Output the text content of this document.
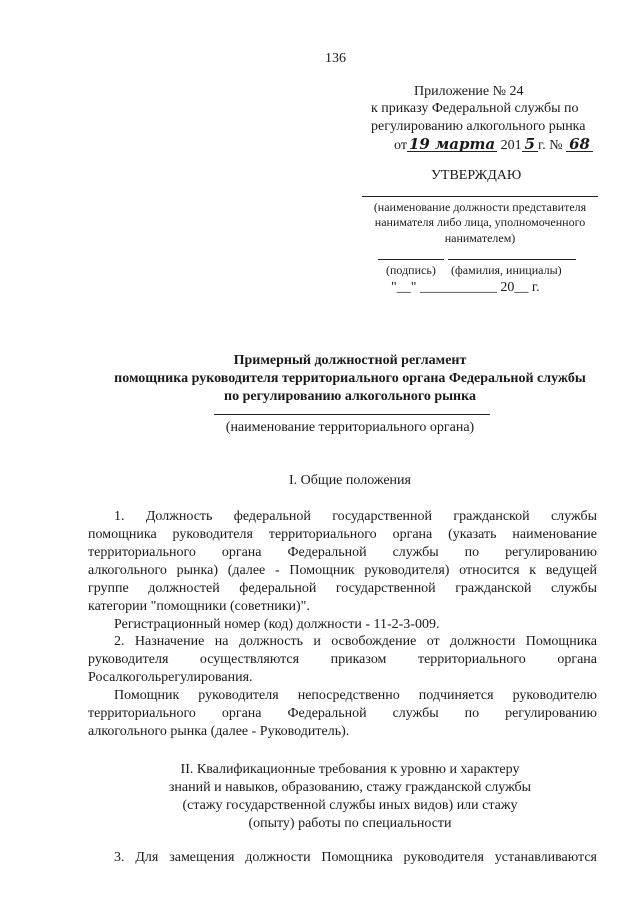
136
Приложение № 24
к приказу Федеральной службы по
регулированию алкогольного рынка
от 19 марта 201 5 г. № 68
УТВЕРЖДАЮ
(наименование должности представителя
нанимателя либо лица, уполномоченного
нанимателем)
(подпись) (фамилия, инициалы)
"__" ___________ 20__ г.
Примерный должностной регламент
помощника руководителя территориального органа Федеральной службы
по регулированию алкогольного рынка
(наименование территориального органа)
I. Общие положения
1. Должность федеральной государственной гражданской службы
помощника руководителя территориального органа (указать наименование
территориального органа Федеральной службы по регулированию
алкогольного рынка) (далее - Помощник руководителя) относится к ведущей
группе должностей федеральной государственной гражданской службы
категории "помощники (советники)".
Регистрационный номер (код) должности - 11-2-3-009.
2. Назначение на должность и освобождение от должности Помощника
руководителя осуществляются приказом территориального органа
Росалкогольрегулирования.
Помощник руководителя непосредственно подчиняется руководителю
территориального органа Федеральной службы по регулированию
алкогольного рынка (далее - Руководитель).
II. Квалификационные требования к уровню и характеру
знаний и навыков, образованию, стажу гражданской службы
(стажу государственной службы иных видов) или стажу
(опыту) работы по специальности
3. Для замещения должности Помощника руководителя устанавливаются
